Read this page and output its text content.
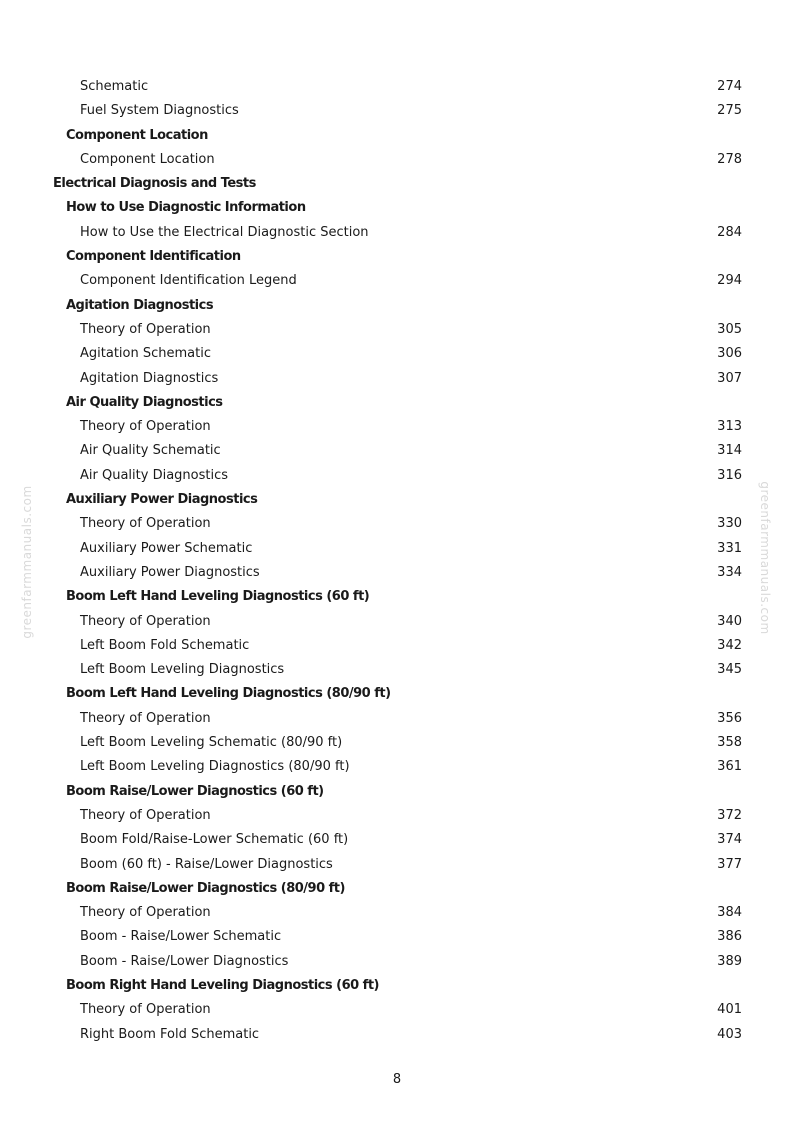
Schematic	274
Fuel System Diagnostics	275
Component Location
Component Location	278
Electrical Diagnosis and Tests
How to Use Diagnostic Information
How to Use the Electrical Diagnostic Section	284
Component Identification
Component Identification Legend	294
Agitation Diagnostics
Theory of Operation	305
Agitation Schematic	306
Agitation Diagnostics	307
Air Quality Diagnostics
Theory of Operation	313
Air Quality Schematic	314
Air Quality Diagnostics	316
Auxiliary Power Diagnostics
Theory of Operation	330
Auxiliary Power Schematic	331
Auxiliary Power Diagnostics	334
Boom Left Hand Leveling Diagnostics (60 ft)
Theory of Operation	340
Left Boom Fold Schematic	342
Left Boom Leveling Diagnostics	345
Boom Left Hand Leveling Diagnostics (80/90 ft)
Theory of Operation	356
Left Boom Leveling Schematic (80/90 ft)	358
Left Boom Leveling Diagnostics (80/90 ft)	361
Boom Raise/Lower Diagnostics (60 ft)
Theory of Operation	372
Boom Fold/Raise-Lower Schematic (60 ft)	374
Boom (60 ft) - Raise/Lower Diagnostics	377
Boom Raise/Lower Diagnostics (80/90 ft)
Theory of Operation	384
Boom - Raise/Lower Schematic	386
Boom - Raise/Lower Diagnostics	389
Boom Right Hand Leveling Diagnostics (60 ft)
Theory of Operation	401
Right Boom Fold Schematic	403
8
greenfarmmanuals.com	greenfarmmanuals.com
